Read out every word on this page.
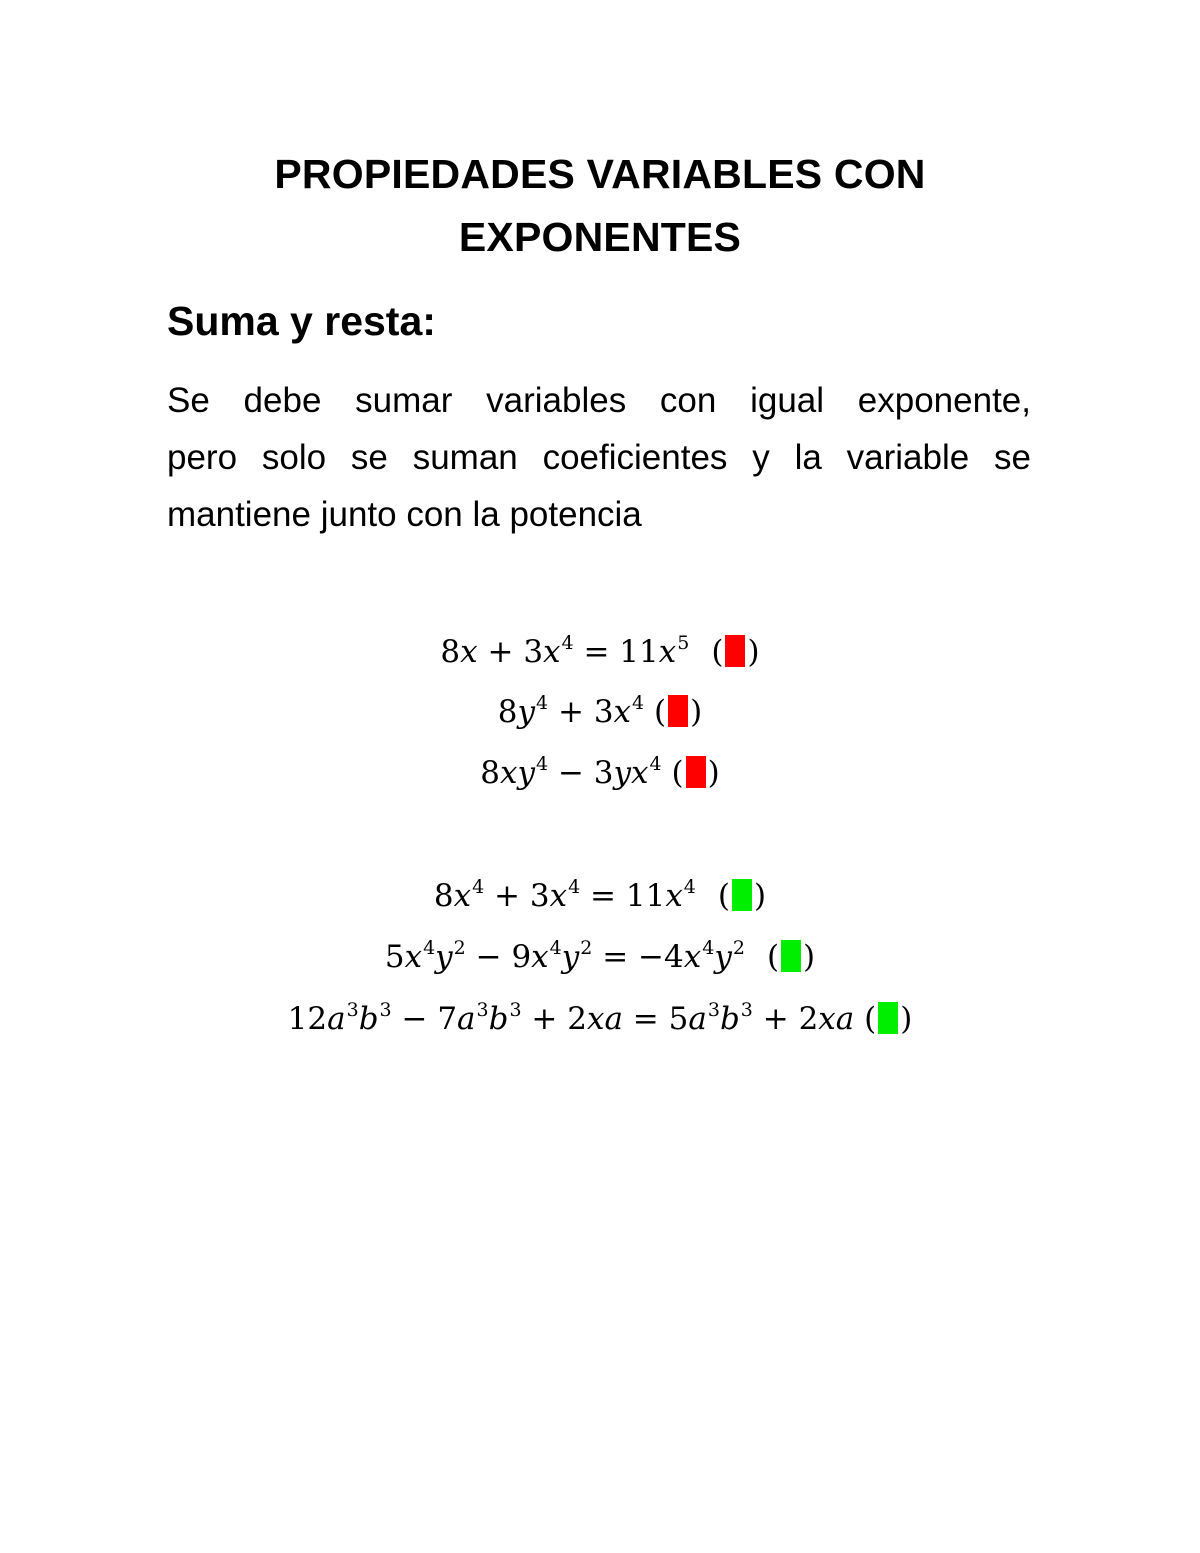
PROPIEDADES VARIABLES CON
EXPONENTES
Suma y resta:
Se debe sumar variables con igual exponente,
pero solo se suman coeficientes y la variable se
mantiene junto con la potencia
$8x + 3x^4 = 11x^5$ ( )
$8y^4 + 3x^4$ ( )
$8xy^4 - 3yx^4$ ( )
$8x^4 + 3x^4 = 11x^4$ ( )
$5x^4y^2 - 9x^4y^2 = -4x^4y^2$ ( )
$12a^3b^3 - 7a^3b^3 + 2xa = 5a^3b^3 + 2xa$ ( )
